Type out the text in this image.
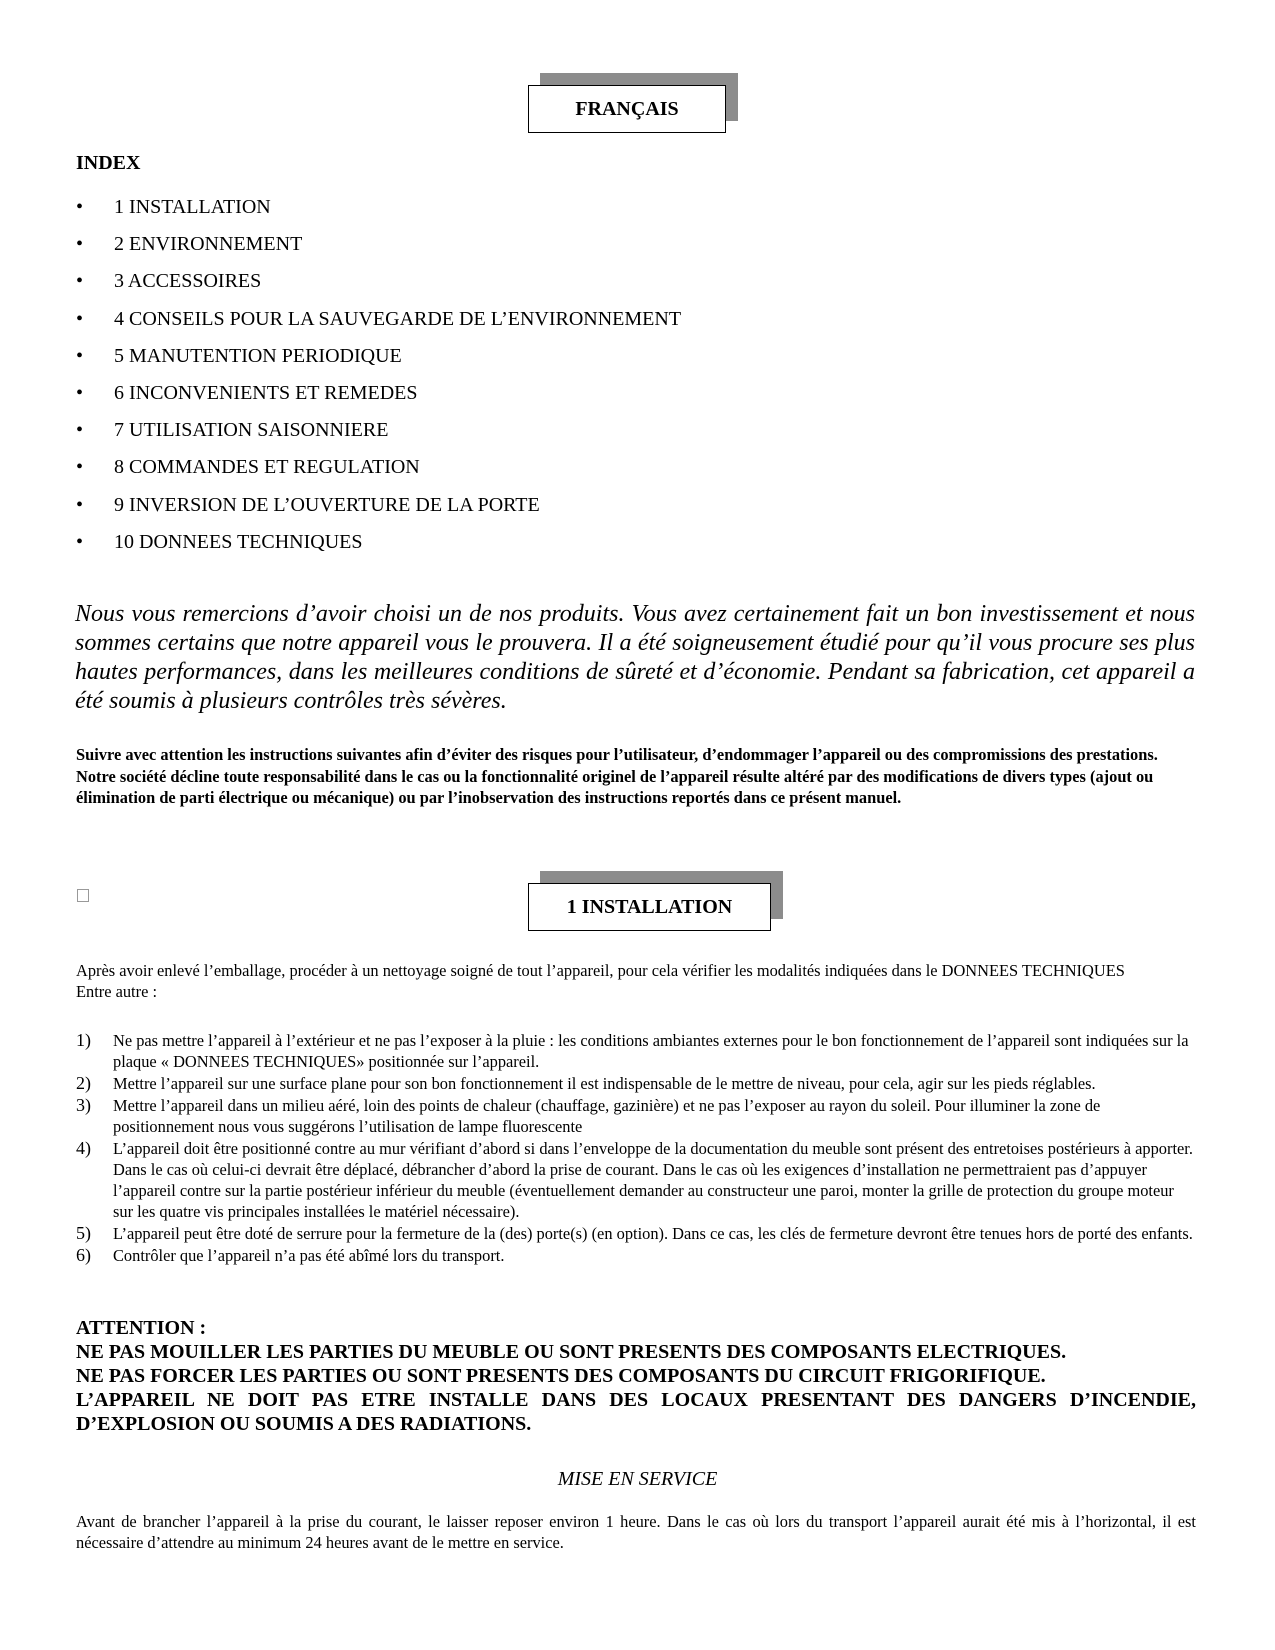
FRANÇAIS
INDEX
•	1 INSTALLATION
•	2 ENVIRONNEMENT
•	3 ACCESSOIRES
•	4 CONSEILS POUR LA SAUVEGARDE DE L’ENVIRONNEMENT
•	5 MANUTENTION PERIODIQUE
•	6 INCONVENIENTS ET REMEDES
•	7 UTILISATION SAISONNIERE
•	8 COMMANDES ET REGULATION
•	9 INVERSION DE L’OUVERTURE DE LA PORTE
•	10 DONNEES TECHNIQUES

Nous vous remercions d’avoir choisi un de nos produits. Vous avez certainement fait un bon investissement et nous sommes certains que notre appareil vous le prouvera. Il a été soigneusement étudié pour qu’il vous procure ses plus hautes performances, dans les meilleures conditions de sûreté et d’économie. Pendant sa fabrication, cet appareil a été soumis à plusieurs contrôles très sévères.

Suivre avec attention les instructions suivantes afin d’éviter des risques pour l’utilisateur, d’endommager l’appareil ou des compromissions des prestations.
Notre société décline toute responsabilité dans le cas ou la fonctionnalité originel de l’appareil résulte altéré par des modifications de divers types (ajout ou élimination de parti électrique ou mécanique) ou par l’inobservation des instructions reportés dans ce présent manuel.
1 INSTALLATION
Après avoir enlevé l’emballage, procéder à un nettoyage soigné de tout l’appareil, pour cela vérifier les modalités indiquées dans le DONNEES TECHNIQUES
Entre autre :
1)	Ne pas mettre l’appareil à l’extérieur et ne pas l’exposer à la pluie : les conditions ambiantes externes pour le bon fonctionnement de l’appareil sont indiquées sur la plaque « DONNEES TECHNIQUES» positionnée sur l’appareil.
2)	Mettre l’appareil sur une surface plane pour son bon fonctionnement il est indispensable de le mettre de niveau, pour cela, agir sur les pieds réglables.
3)	Mettre l’appareil dans un milieu aéré, loin des points de chaleur (chauffage, gazinière) et ne pas l’exposer au rayon du soleil. Pour illuminer la zone de positionnement nous vous suggérons l’utilisation de lampe fluorescente
4)	L’appareil doit être positionné contre au mur vérifiant d’abord si dans l’enveloppe de la documentation du meuble sont présent des entretoises postérieurs à apporter. Dans le cas où celui-ci devrait être déplacé, débrancher d’abord la prise de courant. Dans le cas où les exigences d’installation ne permettraient pas d’appuyer l’appareil contre sur la partie postérieur inférieur du meuble (éventuellement demander au constructeur une paroi, monter la grille de protection du groupe moteur sur les quatre vis principales installées le matériel nécessaire).
5)	L’appareil peut être doté de serrure pour la fermeture de la (des) porte(s) (en option). Dans ce cas, les clés de fermeture devront être tenues hors de porté des enfants.
6)	Contrôler que l’appareil n’a pas été abîmé lors du transport.
ATTENTION :
NE PAS MOUILLER LES PARTIES DU MEUBLE OU SONT PRESENTS DES COMPOSANTS ELECTRIQUES.
NE PAS FORCER LES PARTIES OU SONT PRESENTS DES COMPOSANTS DU CIRCUIT FRIGORIFIQUE.
L’APPAREIL NE DOIT PAS ETRE INSTALLE DANS DES LOCAUX PRESENTANT DES DANGERS D’INCENDIE, D’EXPLOSION OU SOUMIS A DES RADIATIONS.
MISE EN SERVICE

Avant de brancher l’appareil à la prise du courant, le laisser reposer environ 1 heure. Dans le cas où lors du transport l’appareil aurait été mis à l’horizontal, il est nécessaire d’attendre au minimum 24 heures avant de le mettre en service.
